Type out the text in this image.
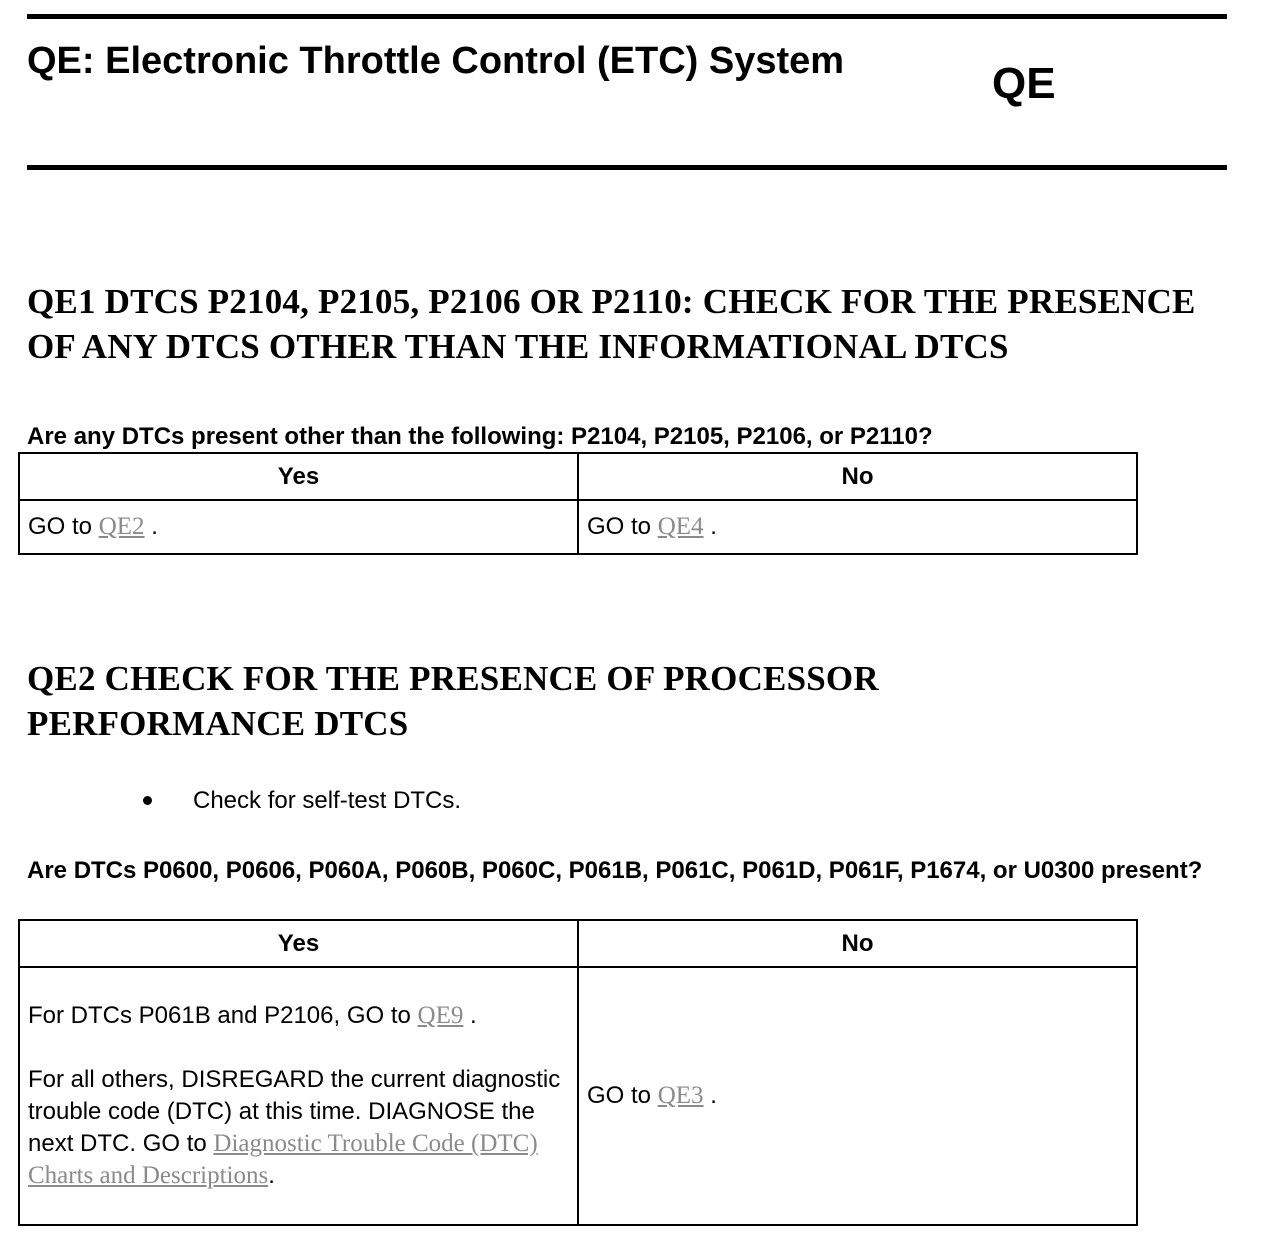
QE: Electronic Throttle Control (ETC) System	QE
QE1 DTCS P2104, P2105, P2106 OR P2110: CHECK FOR THE PRESENCE OF ANY DTCS OTHER THAN THE INFORMATIONAL DTCS
Are any DTCs present other than the following: P2104, P2105, P2106, or P2110?
Yes	No
GO to QE2 .	GO to QE4 .
QE2 CHECK FOR THE PRESENCE OF PROCESSOR PERFORMANCE DTCS
Check for self-test DTCs.
Are DTCs P0600, P0606, P060A, P060B, P060C, P061B, P061C, P061D, P061F, P1674, or U0300 present?
Yes	No

For DTCs P061B and P2106, GO to QE9 .

For all others, DISREGARD the current diagnostic trouble code (DTC) at this time. DIAGNOSE the next DTC. GO to Diagnostic Trouble Code (DTC) Charts and Descriptions.	GO to QE3 .
